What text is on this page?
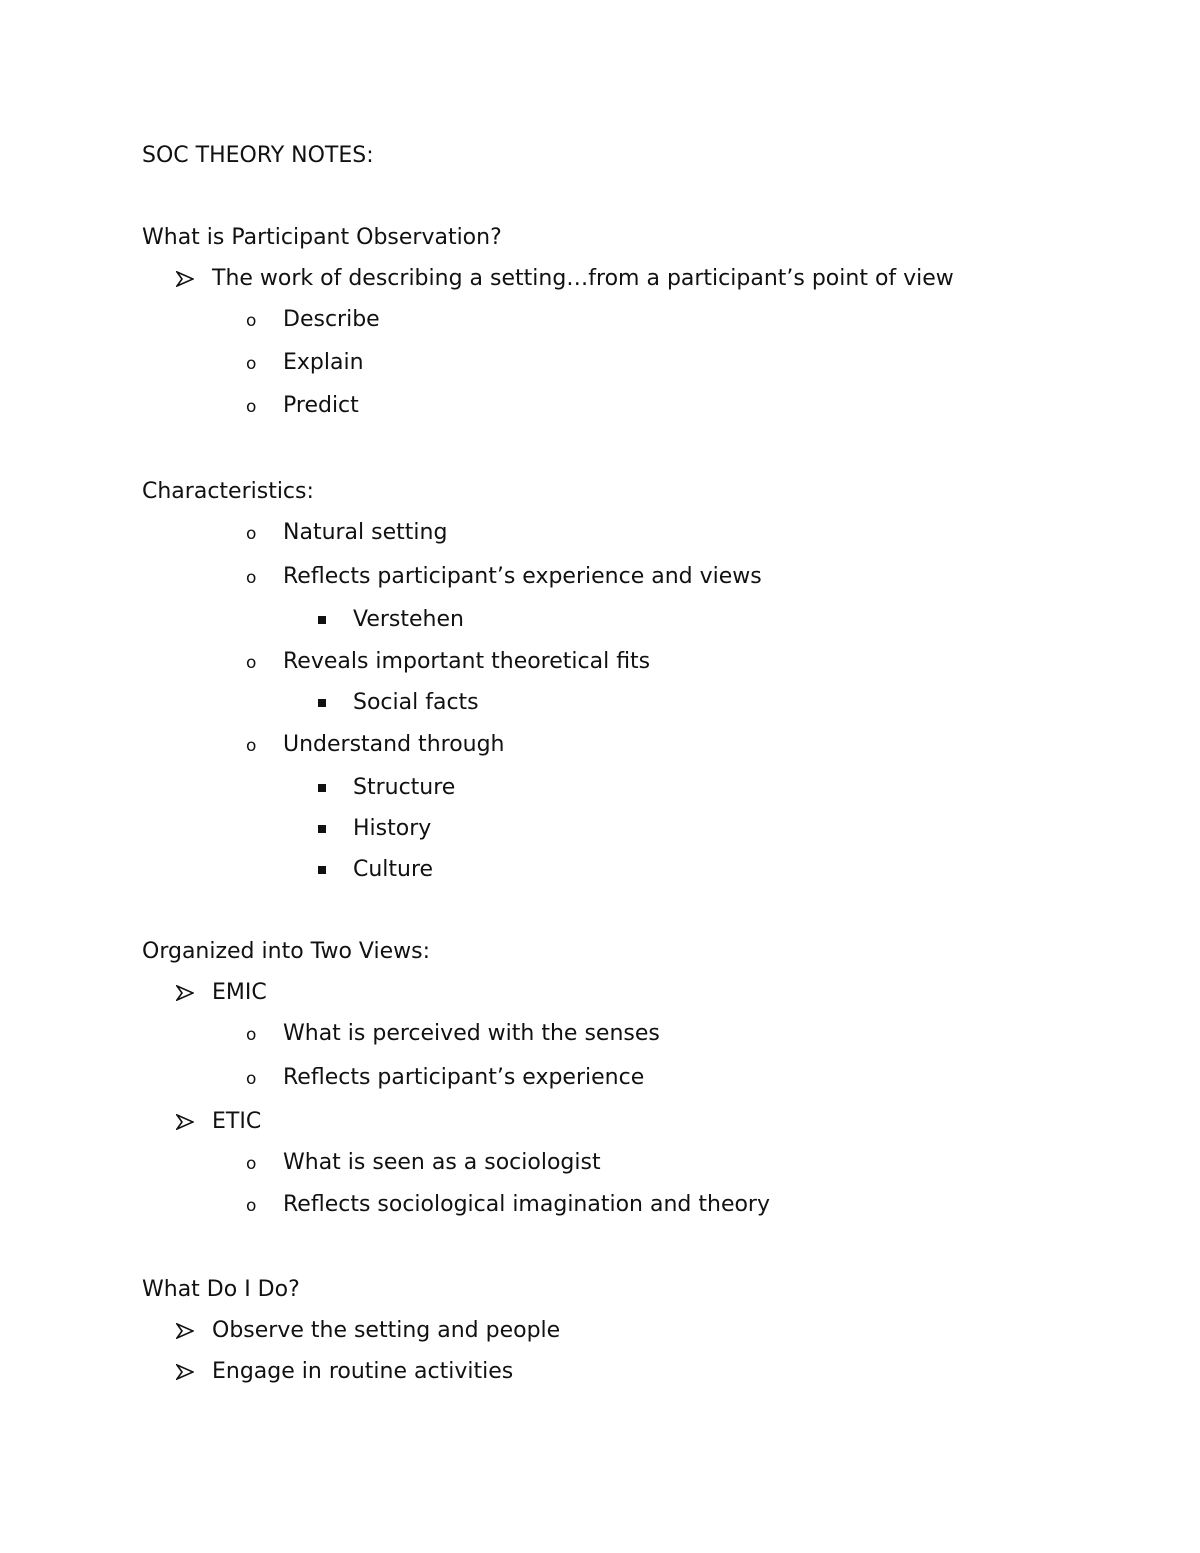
SOC THEORY NOTES:
What is Participant Observation?
The work of describing a setting…from a participant’s point of view
o Describe
o Explain
o Predict
Characteristics:
o Natural setting
o Reflects participant’s experience and views
Verstehen
o Reveals important theoretical fits
Social facts
o Understand through
Structure
History
Culture
Organized into Two Views:
EMIC
o What is perceived with the senses
o Reflects participant’s experience
ETIC
o What is seen as a sociologist
o Reflects sociological imagination and theory
What Do I Do?
Observe the setting and people
Engage in routine activities
